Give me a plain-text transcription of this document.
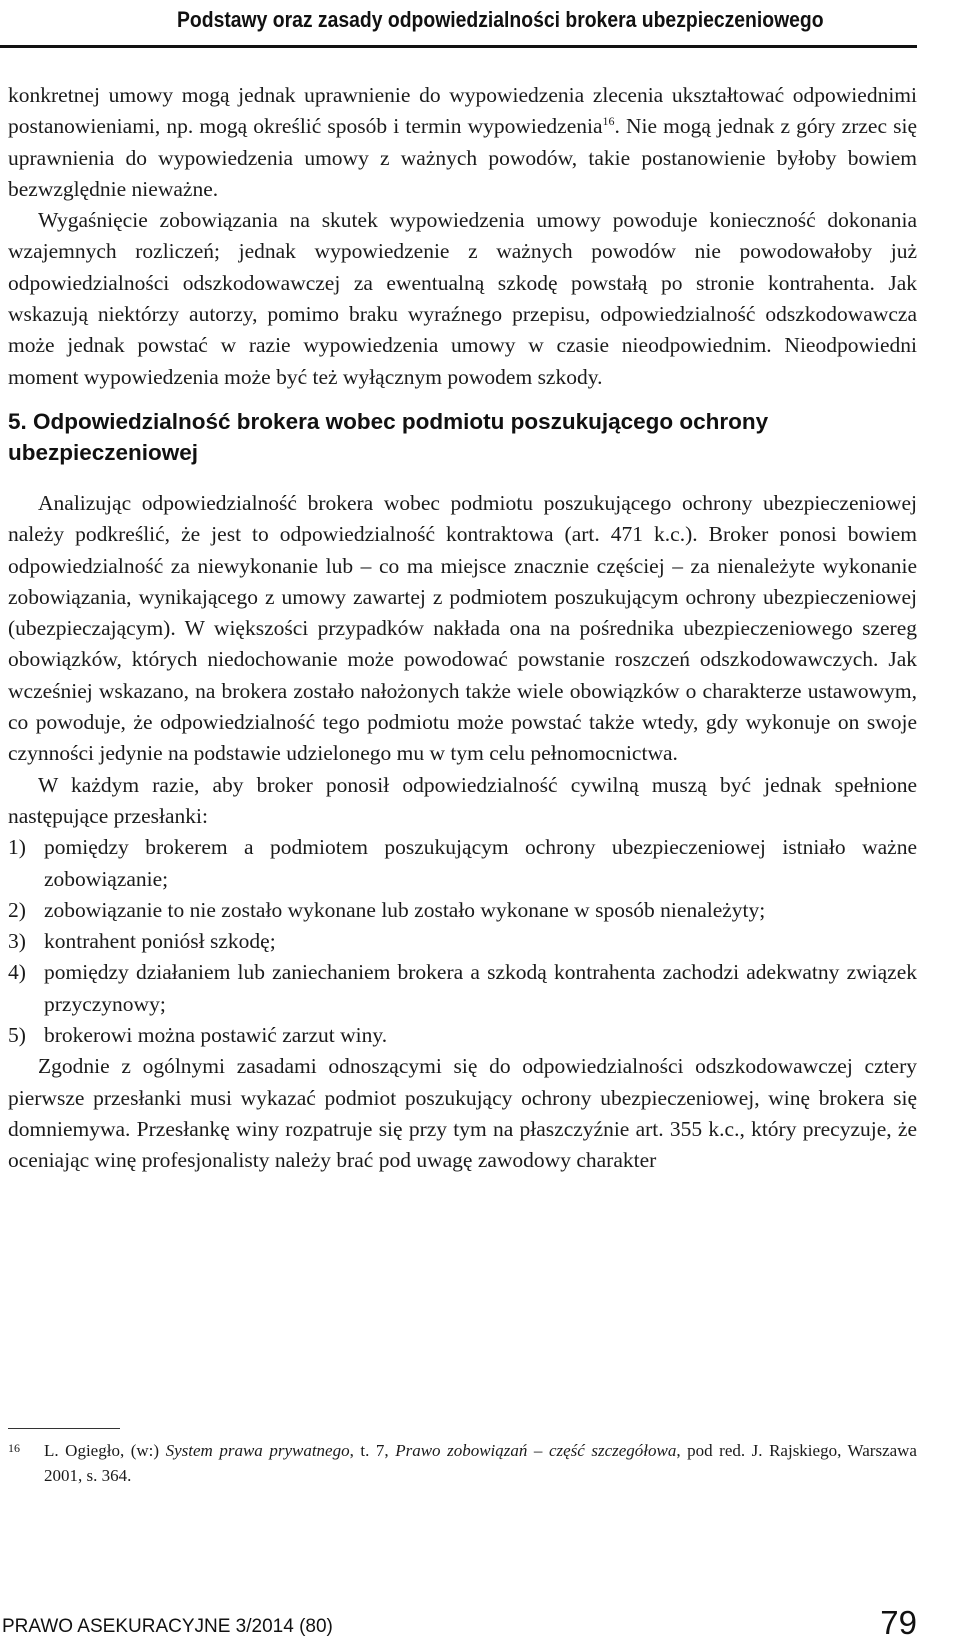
Podstawy oraz zasady odpowiedzialności brokera ubezpieczeniowego

konkretnej umowy mogą jednak uprawnienie do wypowiedzenia zlecenia ukształtować odpowiednimi postanowieniami, np. mogą określić sposób i termin wypowiedzenia$^{16}$. Nie mogą jednak z góry zrzec się uprawnienia do wypowiedzenia umowy z ważnych powodów, takie postanowienie byłoby bowiem bezwzględnie nieważne.

Wygaśnięcie zobowiązania na skutek wypowiedzenia umowy powoduje konieczność dokonania wzajemnych rozliczeń; jednak wypowiedzenie z ważnych powodów nie powodowałoby już odpowiedzialności odszkodowawczej za ewentualną szkodę powstałą po stronie kontrahenta. Jak wskazują niektórzy autorzy, pomimo braku wyraźnego przepisu, odpowiedzialność odszkodowawcza może jednak powstać w razie wypowiedzenia umowy w czasie nieodpowiednim. Nieodpowiedni moment wypowiedzenia może być też wyłącznym powodem szkody.

5. Odpowiedzialność brokera wobec podmiotu poszukującego ochrony ubezpieczeniowej

Analizując odpowiedzialność brokera wobec podmiotu poszukującego ochrony ubezpieczeniowej należy podkreślić, że jest to odpowiedzialność kontraktowa (art. 471 k.c.). Broker ponosi bowiem odpowiedzialność za niewykonanie lub – co ma miejsce znacznie częściej – za nienależyte wykonanie zobowiązania, wynikającego z umowy zawartej z podmiotem poszukującym ochrony ubezpieczeniowej (ubezpieczającym). W większości przypadków nakłada ona na pośrednika ubezpieczeniowego szereg obowiązków, których niedochowanie może powodować powstanie roszczeń odszkodowawczych. Jak wcześniej wskazano, na brokera zostało nałożonych także wiele obowiązków o charakterze ustawowym, co powoduje, że odpowiedzialność tego podmiotu może powstać także wtedy, gdy wykonuje on swoje czynności jedynie na podstawie udzielonego mu w tym celu pełnomocnictwa.

W każdym razie, aby broker ponosił odpowiedzialność cywilną muszą być jednak spełnione następujące przesłanki:

1) pomiędzy brokerem a podmiotem poszukującym ochrony ubezpieczeniowej istniało ważne zobowiązanie;
2) zobowiązanie to nie zostało wykonane lub zostało wykonane w sposób nienależyty;
3) kontrahent poniósł szkodę;
4) pomiędzy działaniem lub zaniechaniem brokera a szkodą kontrahenta zachodzi adekwatny związek przyczynowy;
5) brokerowi można postawić zarzut winy.

Zgodnie z ogólnymi zasadami odnoszącymi się do odpowiedzialności odszkodowawczej cztery pierwsze przesłanki musi wykazać podmiot poszukujący ochrony ubezpieczeniowej, winę brokera się domniemywa. Przesłankę winy rozpatruje się przy tym na płaszczyźnie art. 355 k.c., który precyzuje, że oceniając winę profesjonalisty należy brać pod uwagę zawodowy charakter

16	L. Ogiegło, (w:) System prawa prywatnego, t. 7, Prawo zobowiązań – część szczegółowa, pod red. J. Rajskiego, Warszawa 2001, s. 364.
PRAWO ASEKURACYJNE 3/2014 (80)	79
